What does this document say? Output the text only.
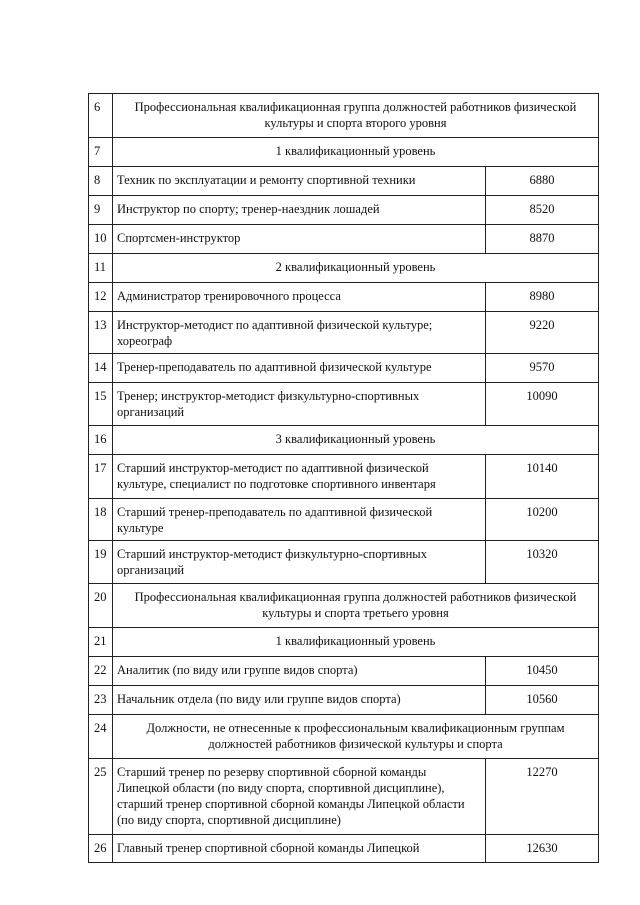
6	Профессиональная квалификационная группа должностей работников физической культуры и спорта второго уровня	
7	1 квалификационный уровень	
8	Техник по эксплуатации и ремонту спортивной техники	6880
9	Инструктор по спорту; тренер-наездник лошадей	8520
10	Спортсмен-инструктор	8870
11	2 квалификационный уровень	
12	Администратор тренировочного процесса	8980
13	Инструктор-методист по адаптивной физической культуре; хореограф	9220
14	Тренер-преподаватель по адаптивной физической культуре	9570
15	Тренер; инструктор-методист физкультурно-спортивных организаций	10090
16	3 квалификационный уровень	
17	Старший инструктор-методист по адаптивной физической культуре, специалист по подготовке спортивного инвентаря	10140
18	Старший тренер-преподаватель по адаптивной физической культуре	10200
19	Старший инструктор-методист физкультурно-спортивных организаций	10320
20	Профессиональная квалификационная группа должностей работников физической культуры и спорта третьего уровня	
21	1 квалификационный уровень	
22	Аналитик (по виду или группе видов спорта)	10450
23	Начальник отдела (по виду или группе видов спорта)	10560
24	Должности, не отнесенные к профессиональным квалификационным группам должностей работников физической культуры и спорта	
25	Старший тренер по резерву спортивной сборной команды Липецкой области (по виду спорта, спортивной дисциплине), старший тренер спортивной сборной команды Липецкой области (по виду спорта, спортивной дисциплине)	12270
26	Главный тренер спортивной сборной команды Липецкой	12630
